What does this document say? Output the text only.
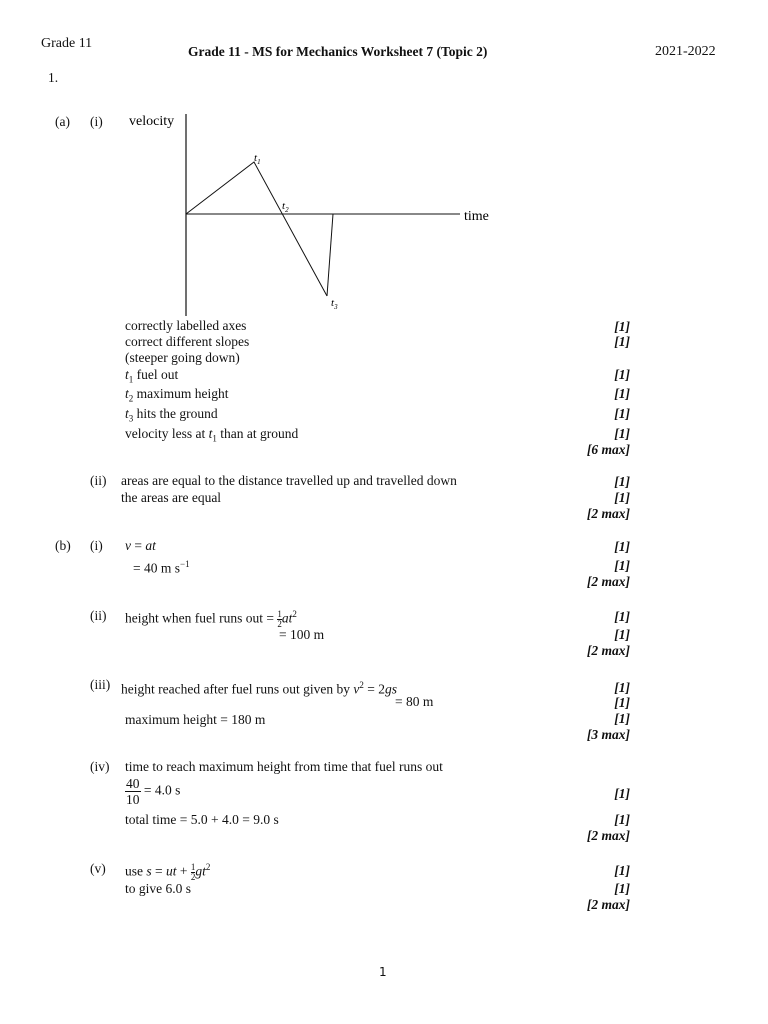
Grade 11
Grade 11 - MS for Mechanics Worksheet 7 (Topic 2)	2021-2022
1.
(a) (i) velocity
time
$t_1$
$t_2$
$t_3$
correctly labelled axes
correct different slopes
(steeper going down)
$t_1$ fuel out
$t_2$ maximum height
$t_3$ hits the ground
velocity less at $t_1$ than at ground
[1]
[1]
[1]
[1]
[1]
[1]
[6 max]
(ii) areas are equal to the distance travelled up and travelled down
the areas are equal
[1]
[1]
[2 max]
(b) (i) v = at
= 40 m $s^{-1}$
[1]
[1]
[2 max]
(ii) height when fuel runs out = $\frac{1}{2} at^2$
= 100 m
[1]
[1]
[2 max]
(iii) height reached after fuel runs out given by $v^2 = 2gs$
= 80 m
maximum height = 180 m
[1]
[1]
[1]
[3 max]
(iv) time to reach maximum height from time that fuel runs out
$\frac{40}{10} = 4.0$ s
total time = 5.0 + 4.0 = 9.0 s
[1]
[1]
[2 max]
(v) use s = ut + $\frac{1}{2} gt^2$
to give 6.0 s
[1]
[1]
[2 max]
1
